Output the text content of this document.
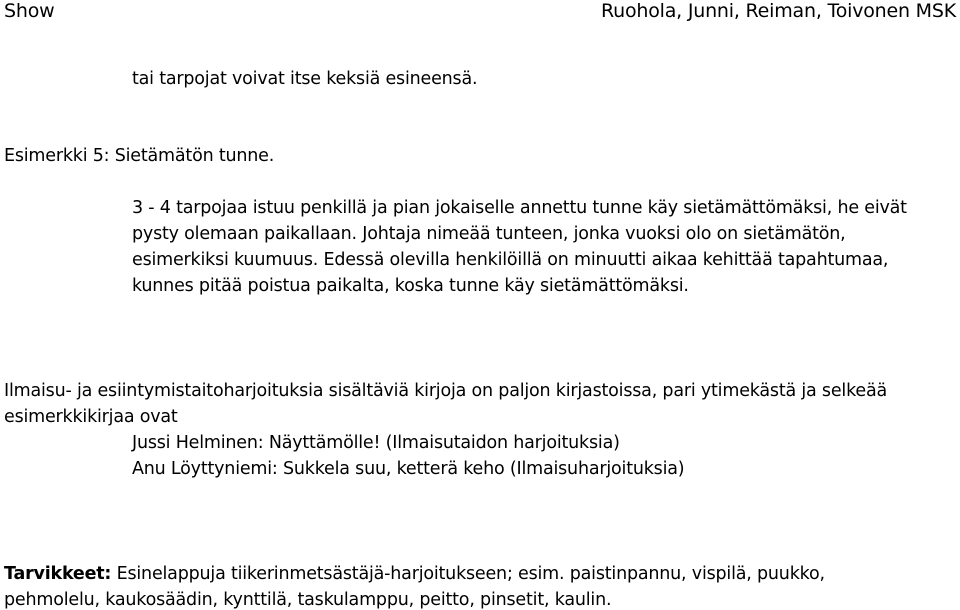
Show	Ruohola, Junni, Reiman, Toivonen MSK
tai tarpojat voivat itse keksiä esineensä.
Esimerkki 5: Sietämätön tunne.
3 - 4 tarpojaa istuu penkillä ja pian jokaiselle annettu tunne käy sietämättömäksi, he eivät
pysty olemaan paikallaan. Johtaja nimeää tunteen, jonka vuoksi olo on sietämätön,
esimerkiksi kuumuus. Edessä olevilla henkilöillä on minuutti aikaa kehittää tapahtumaa,
kunnes pitää poistua paikalta, koska tunne käy sietämättömäksi.
Ilmaisu- ja esiintymistaitoharjoituksia sisältäviä kirjoja on paljon kirjastoissa, pari ytimekästä ja selkeää
esimerkkikirjaa ovat
Jussi Helminen: Näyttämölle! (Ilmaisutaidon harjoituksia)
Anu Löyttyniemi: Sukkela suu, ketterä keho (Ilmaisuharjoituksia)
Tarvikkeet: Esinelappuja tiikerinmetsästäjä-harjoitukseen; esim. paistinpannu, vispilä, puukko,
pehmolelu, kaukosäädin, kynttilä, taskulamppu, peitto, pinsetit, kaulin.
